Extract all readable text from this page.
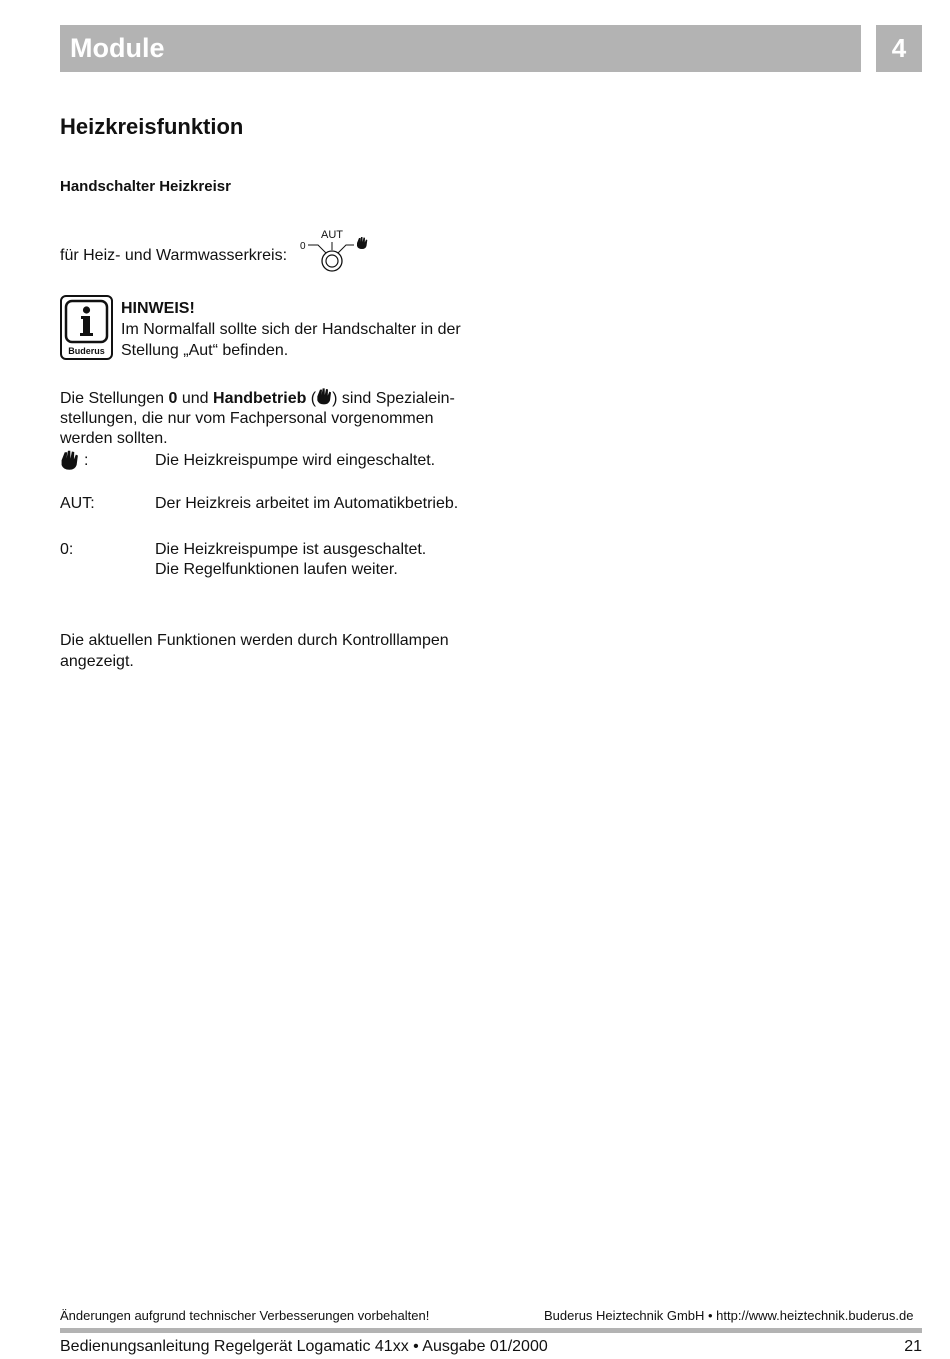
Module	4
Heizkreisfunktion
Handschalter Heizkreisr
für Heiz- und Warmwasserkreis:
0
AUT
Buderus
HINWEIS!
Im Normalfall sollte sich der Handschalter in der Stellung „Aut“ befinden.
Die Stellungen 0 und Handbetrieb ( ) sind Spezialein-stellungen, die nur vom Fachpersonal vorgenommen werden sollten.
:	Die Heizkreispumpe wird eingeschaltet.
AUT:	Der Heizkreis arbeitet im Automatikbetrieb.
0:	Die Heizkreispumpe ist ausgeschaltet.
Die Regelfunktionen laufen weiter.
Die aktuellen Funktionen werden durch Kontrolllampen angezeigt.
Änderungen aufgrund technischer Verbesserungen vorbehalten!	Buderus Heiztechnik GmbH • http://www.heiztechnik.buderus.de
Bedienungsanleitung Regelgerät Logamatic 41xx • Ausgabe 01/2000	21
